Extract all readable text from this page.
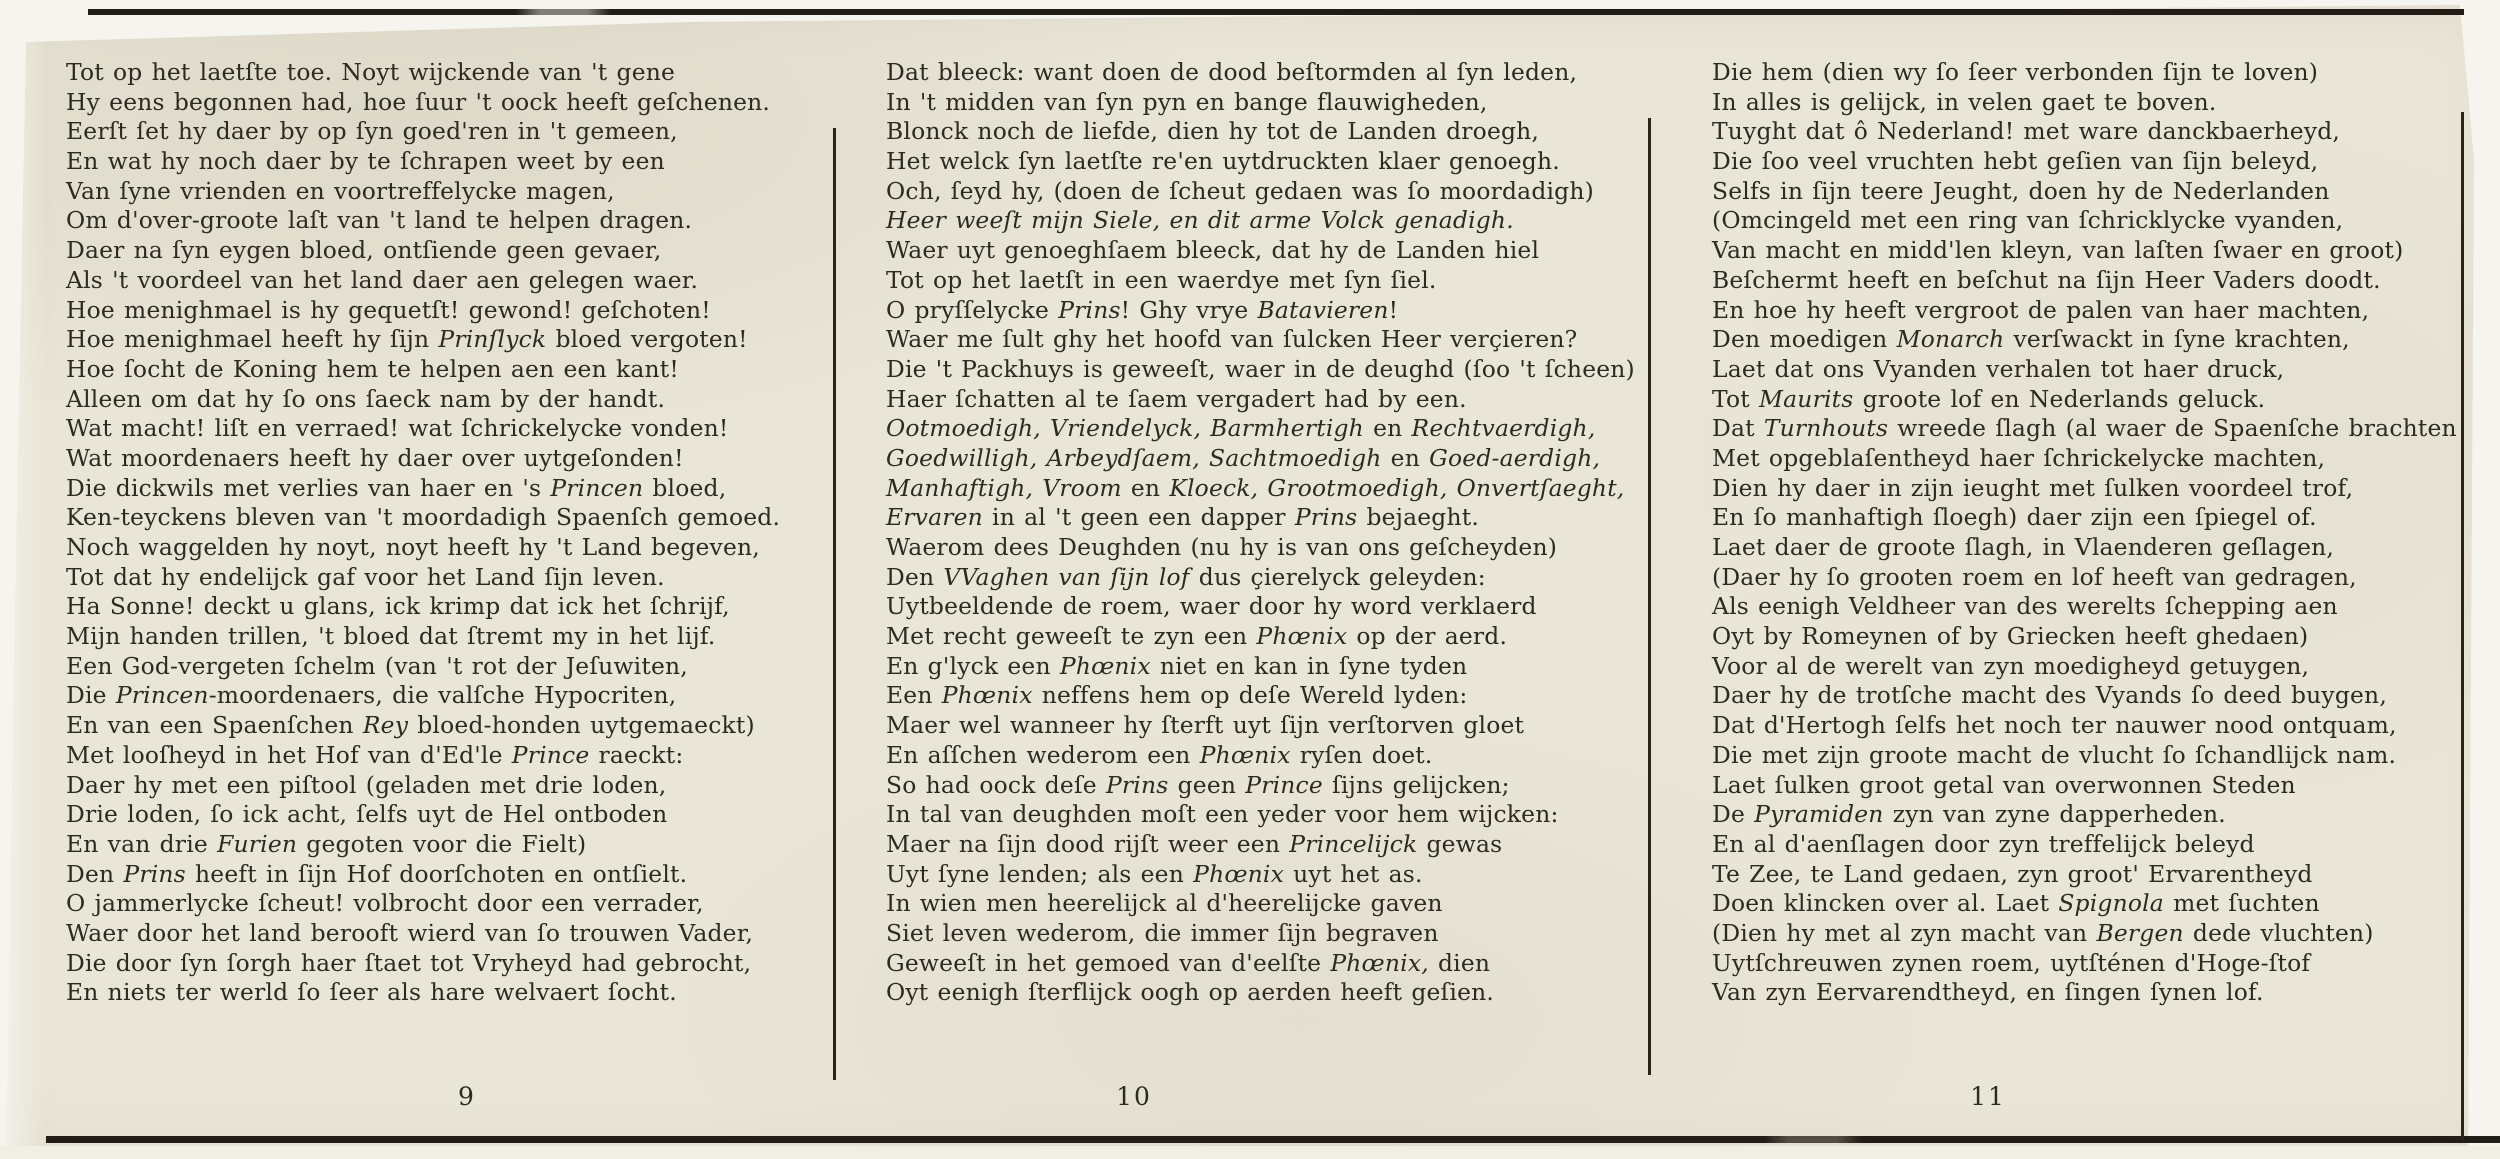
Tot op het laetſte toe. Noyt wijckende van 't gene
Hy eens begonnen had, hoe ſuur 't oock heeft geſchenen.
Eerſt ſet hy daer by op ſyn goed'ren in 't gemeen,
En wat hy noch daer by te ſchrapen weet by een
Van ſyne vrienden en voortreffelycke magen,
Om d'over-groote laſt van 't land te helpen dragen.
Daer na ſyn eygen bloed, ontſiende geen gevaer,
Als 't voordeel van het land daer aen gelegen waer.
Hoe menighmael is hy gequetſt! gewond! geſchoten!
Hoe menighmael heeft hy ſijn Prinſlyck bloed vergoten!
Hoe ſocht de Koning hem te helpen aen een kant!
Alleen om dat hy ſo ons ſaeck nam by der handt.
Wat macht! liſt en verraed! wat ſchrickelycke vonden!
Wat moordenaers heeft hy daer over uytgeſonden!
Die dickwils met verlies van haer en 's Princen bloed,
Ken-teyckens bleven van 't moordadigh Spaenſch gemoed.
Noch waggelden hy noyt, noyt heeft hy 't Land begeven,
Tot dat hy endelijck gaf voor het Land ſijn leven.
Ha Sonne! deckt u glans, ick krimp dat ick het ſchrijf,
Mijn handen trillen, 't bloed dat ſtremt my in het lijf.
Een God-vergeten ſchelm (van 't rot der Jeſuwiten,
Die Princen-moordenaers, die valſche Hypocriten,
En van een Spaenſchen Rey bloed-honden uytgemaeckt)
Met looſheyd in het Hof van d'Ed'le Prince raeckt:
Daer hy met een piſtool (geladen met drie loden,
Drie loden, ſo ick acht, ſelfs uyt de Hel ontboden
En van drie Furien gegoten voor die Fielt)
Den Prins heeft in ſijn Hof doorſchoten en ontſielt.
O jammerlycke ſcheut! volbrocht door een verrader,
Waer door het land berooft wierd van ſo trouwen Vader,
Die door ſyn ſorgh haer ſtaet tot Vryheyd had gebrocht,
En niets ter werld ſo ſeer als hare welvaert ſocht.
Dat bleeck: want doen de dood beſtormden al ſyn leden,
In 't midden van ſyn pyn en bange flauwigheden,
Blonck noch de liefde, dien hy tot de Landen droegh,
Het welck ſyn laetſte re'en uytdruckten klaer genoegh.
Och, ſeyd hy, (doen de ſcheut gedaen was ſo moordadigh)
Heer weeſt mijn Siele, en dit arme Volck genadigh.
Waer uyt genoeghſaem bleeck, dat hy de Landen hiel
Tot op het laetſt in een waerdye met ſyn ſiel.
O pryſſelycke Prins! Ghy vrye Batavieren!
Waer me ſult ghy het hoofd van ſulcken Heer verçieren?
Die 't Packhuys is geweeſt, waer in de deughd (ſoo 't ſcheen)
Haer ſchatten al te ſaem vergadert had by een.
Ootmoedigh, Vriendelyck, Barmhertigh en Rechtvaerdigh,
Goedwilligh, Arbeydſaem, Sachtmoedigh en Goed-aerdigh,
Manhaftigh, Vroom en Kloeck, Grootmoedigh, Onvertſaeght,
Ervaren in al 't geen een dapper Prins bejaeght.
Waerom dees Deughden (nu hy is van ons geſcheyden)
Den VVaghen van ſijn lof dus çierelyck geleyden:
Uytbeeldende de roem, waer door hy word verklaerd
Met recht geweeſt te zyn een Phœnix op der aerd.
En g'lyck een Phœnix niet en kan in ſyne tyden
Een Phœnix neffens hem op deſe Wereld lyden:
Maer wel wanneer hy ſterft uyt ſijn verſtorven gloet
En aſſchen wederom een Phœnix ryſen doet.
So had oock deſe Prins geen Prince ſijns gelijcken;
In tal van deughden moſt een yeder voor hem wijcken:
Maer na ſijn dood rijſt weer een Princelijck gewas
Uyt ſyne lenden; als een Phœnix uyt het as.
In wien men heerelijck al d'heerelijcke gaven
Siet leven wederom, die immer ſijn begraven
Geweeſt in het gemoed van d'eelſte Phœnix, dien
Oyt eenigh ſterflijck oogh op aerden heeft geſien.
Die hem (dien wy ſo ſeer verbonden ſijn te loven)
In alles is gelijck, in velen gaet te boven.
Tuyght dat ô Nederland! met ware danckbaerheyd,
Die ſoo veel vruchten hebt geſien van ſijn beleyd,
Selfs in ſijn teere Jeught, doen hy de Nederlanden
(Omcingeld met een ring van ſchricklycke vyanden,
Van macht en midd'len kleyn, van laſten ſwaer en groot)
Beſchermt heeft en beſchut na ſijn Heer Vaders doodt.
En hoe hy heeft vergroot de palen van haer machten,
Den moedigen Monarch verſwackt in ſyne krachten,
Laet dat ons Vyanden verhalen tot haer druck,
Tot Maurits groote lof en Nederlands geluck.
Dat Turnhouts wreede ſlagh (al waer de Spaenſche brachten
Met opgeblaſentheyd haer ſchrickelycke machten,
Dien hy daer in zijn ieught met ſulken voordeel trof,
En ſo manhaftigh ſloegh) daer zijn een ſpiegel of.
Laet daer de groote ſlagh, in Vlaenderen geſlagen,
(Daer hy ſo grooten roem en lof heeft van gedragen,
Als eenigh Veldheer van des werelts ſchepping aen
Oyt by Romeynen of by Griecken heeft ghedaen)
Voor al de werelt van zyn moedigheyd getuygen,
Daer hy de trotſche macht des Vyands ſo deed buygen,
Dat d'Hertogh ſelfs het noch ter nauwer nood ontquam,
Die met zijn groote macht de vlucht ſo ſchandlijck nam.
Laet ſulken groot getal van overwonnen Steden
De Pyramiden zyn van zyne dapperheden.
En al d'aenſlagen door zyn treffelijck beleyd
Te Zee, te Land gedaen, zyn groot' Ervarentheyd
Doen klincken over al. Laet Spignola met ſuchten
(Dien hy met al zyn macht van Bergen dede vluchten)
Uytſchreuwen zynen roem, uytſténen d'Hoge-ſtof
Van zyn Eervarendtheyd, en ſingen ſynen lof.
9	10	11
